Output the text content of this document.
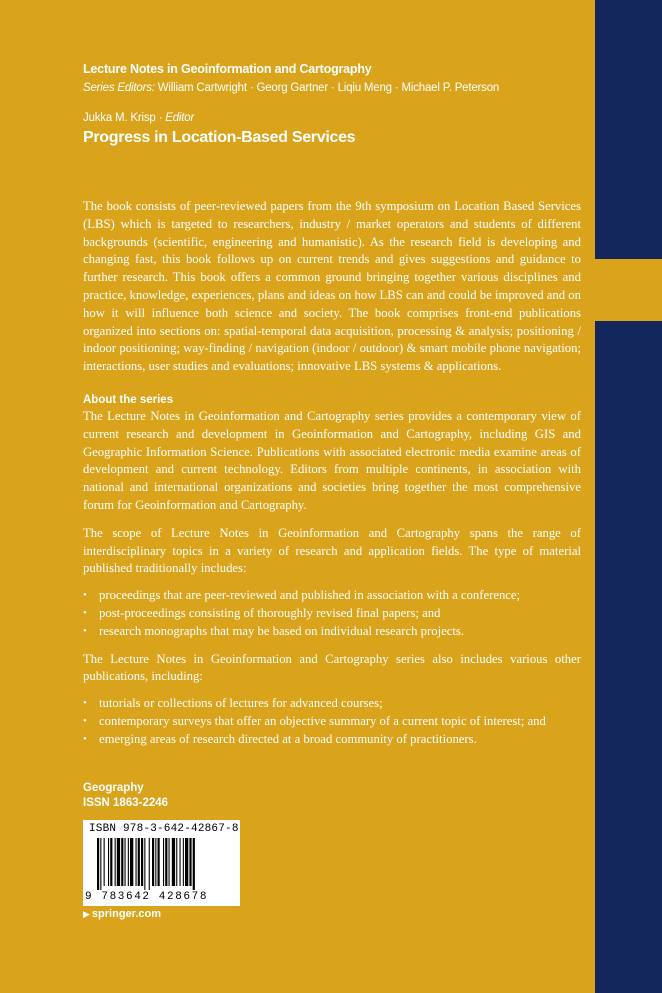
Lecture Notes in Geoinformation and Cartography
Series Editors: William Cartwright · Georg Gartner · Liqiu Meng · Michael P. Peterson
Jukka M. Krisp · Editor
Progress in Location-Based Services

The book consists of peer-reviewed papers from the 9th symposium on Location Based Services (LBS) which is targeted to researchers, industry / market operators and students of different backgrounds (scientific, engineering and humanistic). As the research field is developing and changing fast, this book follows up on current trends and gives suggestions and guidance to further research. This book offers a common ground bringing together various disciplines and practice, knowledge, experiences, plans and ideas on how LBS can and could be improved and on how it will influence both science and society. The book comprises front-end publications organized into sections on: spatial-temporal data acquisition, processing & analysis; positioning / indoor positioning; way-finding / navigation (indoor / outdoor) & smart mobile phone navigation; interactions, user studies and evaluations; innovative LBS systems & applications.

About the series

The Lecture Notes in Geoinformation and Cartography series provides a contemporary view of current research and development in Geoinformation and Cartography, including GIS and Geographic Information Science. Publications with associated electronic media examine areas of development and current technology. Editors from multiple continents, in association with national and international organizations and societies bring together the most comprehensive forum for Geoinformation and Cartography.

The scope of Lecture Notes in Geoinformation and Cartography spans the range of interdisciplinary topics in a variety of research and application fields. The type of material published traditionally includes:

• proceedings that are peer-reviewed and published in association with a conference;
• post-proceedings consisting of thoroughly revised final papers; and
• research monographs that may be based on individual research projects.

The Lecture Notes in Geoinformation and Cartography series also includes various other publications, including:

• tutorials or collections of lectures for advanced courses;
• contemporary surveys that offer an objective summary of a current topic of interest; and
• emerging areas of research directed at a broad community of practitioners.
Geography
ISSN 1863-2246
ISBN 978-3-642-42867-8
9 783642 428678
▶ springer.com
